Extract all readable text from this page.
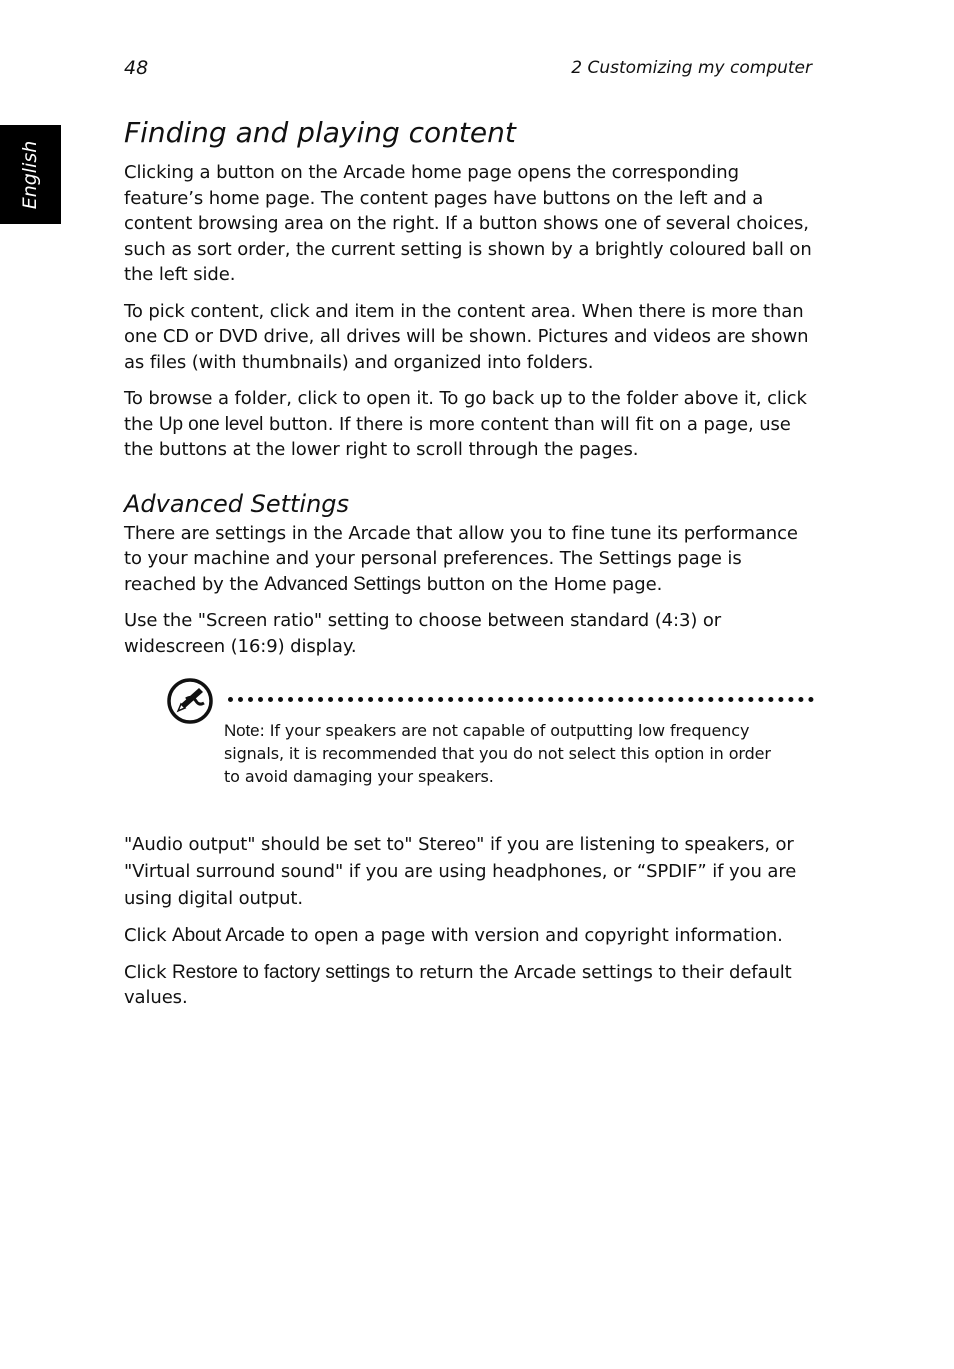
48	2 Customizing my computer
English
Finding and playing content

Clicking a button on the Arcade home page opens the corresponding feature’s home page. The content pages have buttons on the left and a content browsing area on the right. If a button shows one of several choices, such as sort order, the current setting is shown by a brightly coloured ball on the left side.

To pick content, click and item in the content area. When there is more than one CD or DVD drive, all drives will be shown. Pictures and videos are shown as files (with thumbnails) and organized into folders.

To browse a folder, click to open it. To go back up to the folder above it, click the Up one level button. If there is more content than will fit on a page, use the buttons at the lower right to scroll through the pages.

Advanced Settings

There are settings in the Arcade that allow you to fine tune its performance to your machine and your personal preferences. The Settings page is reached by the Advanced Settings button on the Home page.

Use the "Screen ratio" setting to choose between standard (4:3) or widescreen (16:9) display.

Note: If your speakers are not capable of outputting low frequency signals, it is recommended that you do not select this option in order to avoid damaging your speakers.

"Audio output" should be set to" Stereo" if you are listening to speakers, or "Virtual surround sound" if you are using headphones, or “SPDIF” if you are using digital output.

Click About Arcade to open a page with version and copyright information.

Click Restore to factory settings to return the Arcade settings to their default values.
